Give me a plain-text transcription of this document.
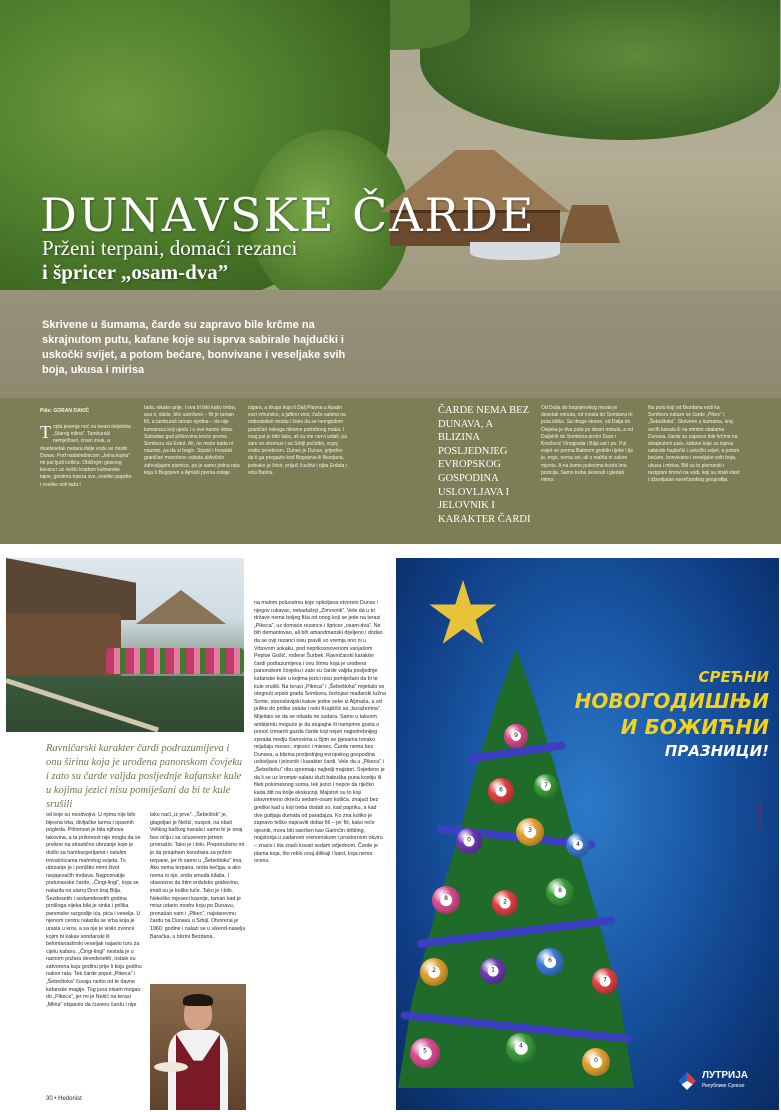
DUNAVSKE ČARDE
Prženi terpani, domaći rezanci
i špricer „osam-dva”

Skrivene u šumama, čarde su zapravo bile krčme na skrajnutom putu, kafane koje su isprva sabirale hajdučki i uskočki svijet, a potom bećare, bonvivane i veselјake svih boja, ukusa i mirisa

Piše: GORAN DAKIĆ
T opla jesenja noć na terasi dvijetoka „Starog mlina”. Tamburaši nemjelčavo, izvan zvuk, a dvadesetak metara dalje vodu se modri Dunav. Pod nadstrešnicom „Jelna kujna” mi pet ljudi kotlića. Obližnjim glavnog kuvara i uz nešto kradom kulinarske tajne, gostima trpeza sve, oveliko paprike i oveliko soli tada i
tada, nikako prije. I ova bi bilo kako treba, ava ti, dakle, bilo savršeno – fiš je taman fiš, a tamburaš taman njedna – da nije komaraca koji ujedu i u ovo kasno doba. Sutradan god piškovima kreće prema Somboru via Erdut. Ali, ne može kada ni naumio, pa da si bogin. Srpski i hrvatski graničari monotono subota aktivčelo zahvaljujem pismice, pa je samo jedna rata koja ti Bogojevo a Ajmaši prema ostaje
cigara, a druga koja ti Dalj Plavna u Apatin vozi vrhunsko, a jaftino vino, čače satima na ordinatskim mostu i čeka da se nemgodom graničari nekoga nikome potrebnog maka. I ovaj put je bilo tako, ali su me nervi izdali, pa sam se okrenuo i sa Srbijl početko, vrgoj vratio proeknom. Dunav je Dunav, prijedno da ti ga pregazio kod Bogojeva ili Bezdana, jednako je život, prijaći čuvštvi i njba Erduta i vića Batina.
ČARDE NEMA BEZ DUNAVA, A BLIZINA POSLJEDNJEG EVROPSKOG GOSPODINA USLOVLJAVA I JELOVNIK I KARAKTER ČARDI
Od Dalja do bogojevskog mosta je desetak minuta, od mosta do Sombora tri puta toliko. Sa druge strane, od Dalja do Osijeka je dva puta po deset minuta, a od Daljskih do Sombora preko Suze i Knežević Vinograda i Bilja sat i po. Put svijet se prema Batinom grobilo rijeke i lje je, ergo, nema svi, ali s mahla ni zakon mjesto. A na kome putevima tezda ima pozicija. Samo treba skrenuti i gledati mimo.
Na putu koji od Bezdana vodi ka Somboru nalaze se čarde „Pikec” i „Šebeštoka”. Skrivene u šumama, kraj većih kanala ili na mimim obalama Dunava, čarde su zapravo bile krčme na skrajnutom putu, kafane koje su isprva sabirale hajdučki i uskočki svijet, a potom bećare, bonvivane i veselјake svih boja, ukusa i mirisa. Bili su to piemeniti i razigrani timovi na vodi, koji su imali vlast i izbovljatan ravničarskog geografija.
na malom poluostrvu koje opkoljava otvoreni Dunav i njegov rukavac, nekadašnji „Zimovnik”. Vele da u tri države nema boljeg fiša od onog koji se jede na terasi „Pikeca”, uz domaće rezance i špricer „osam-dva”. Ne bih demantovao, ali bih amandmanski dijeljeno i dodao da se ovji rezanci nisu pravili vo vremja ono ni u Vrbovom sokaku, pod neprikosnovenom vanjašom Peploe Gošić, rođene Šurbek. Ravničarski karakter čardi podrazumijeva i onu širinu koja je urođena panonskom čovjeku i zato su čarde valjda posljednje kafanske kule u kojima jezici nisu pomiješani da bi te kule srušili. Na terasi „Pikeca” i „Šebeštoka” miješalo se otegnuti srpski grada Sombora, bošnjavi mađarski tužna Sonte, staroslavijski kakve jedne seke iz Aljmaša, a od prilike do prilike zaluta i neki Krajiščik sa „buražerima”. Miješalo se da se nikada ne sudara. Samo u takvom ambijentu moguće je da stupajne ili nampirne gosta o ponoć izmamli gazda čarde koji nejeri najpotrebnijeg zjerada medju članovima u čijim se pjesama tonako mijašaju mesec, mjesec i miesec. Čarde nema bez Dunava, a blizina posljednjeg evropskog gospodina uslovljava i jelovnik i karakter čardi. Vele da u „Pikecu” i „Šebeštoku” ribu spremaju najbolji majstori. Svjedeno je da li se uz krompir-salatu služi babuška puna kostiju ili fileti polumesnog soma, tek jezici i nepce da riječko kada štit na bolje ekskurziji. Majstori su to koji istovremeno okreću sedam-osam kotlića, znajući bez greške kad u koji treba dodati so, kad papriku, a kad dve gutljaja dumata od paradajza. Ko zna koliko je zapravo teško napraviti dobar fiš – jer fiš, kako reče ojesnik, mora biti savršen kao Garinčin dribling, majstorija u zadanom vremenskom i prostornom okviru – znaće i šta znači kovati sedam odjednom. Čarde je plama koja, što reklo onaj diškaji i bard, koja nema ocenu.

Ravničarski karakter čardi podrazumijeva i onu širinu koja je urođena panonskom čovjeku i zato su čarde valjda posljednje kafanske kule u kojima jezici nisu pomiješani da bi te kule srušili

od koje su neodvojivi. U njima nije bilo bijesna trka, divljačke larma i opasnih pogleda. Prilomost je bila njihova takovina, a ta prilomost nije mogla da se prvikne na strastično ubrzanje koje je došlo sa hamburgerijama i ostalim trovačnicama mahnitog svijeta. To ubrzanje je i poništio mimi život ravjajevačih trvdava. Najpoznatije podunavske čarde, „Čingi-lingi”, koja se nalazila na staroj Drvri kraj Bilja. Šezdesetih i sedamdesetih godina prošloga vijeka bila je sinka i prilika panonske razgodije ića, pića i veselja. U njenom centru nalazila se vrba koja je urasla u krov, a sa nje je visilo zvonce kojim bi kakav sondanski ili belomanastirski veseljak najavio turu za cijelu kafanu. „Čingi-lingi” nestala je u raznom požaru devedesetih, ostale su zatvorena kuju godinu prije li koju godinu nakon rata. Tek čarde poput „Pikeca” i „Šebeštoka” čuvaju nešto od te davne kafanske magije. Tog juna nisam mogao do „Pikeca”, jer mi je Nešić na terasi „Mlina” objasnio da čuvenu čardu i nije
lako naći „iz prve”. „Šebeštok” je, glagoljao je Nešić, nuspot, na obali Velikog bačkog kanala i samo bi je onaj bez očiju i sa očuvenom jetrom promašio. Tako je i bilo. Preporučeno mi je da priupham konobara za prženi terpane, jer ih samo u „Šebeštoku” ima. Ako nema terpana, onda kečiga, a ako nema ni nje, onda smuđa kilaša. I obavezno da štim erdutsko graševinu, imali su je koliko luče. Tako je i bilo. Nekoliko mjeseci kasnije, taman kad je mraz udario modru koju po Dunavu, pronašao sam i „Pikec”, najstarevmu čardu na Dunavu u Srbiji. Otvorena je 1960. godine i nalazi se u vikend-naselju Baračka, u blizini Bezdana,
30 • Hedonist
9
6
7
0
3
4
8	2
8
2	1
6
7
5
4
0
СРЕЋНИ
НОВОГОДИШЊИ
И БОЖИЋНИ
ПРАЗНИЦИ!
30.12.2016.
ЛУТРИЈА
Републике Српске
